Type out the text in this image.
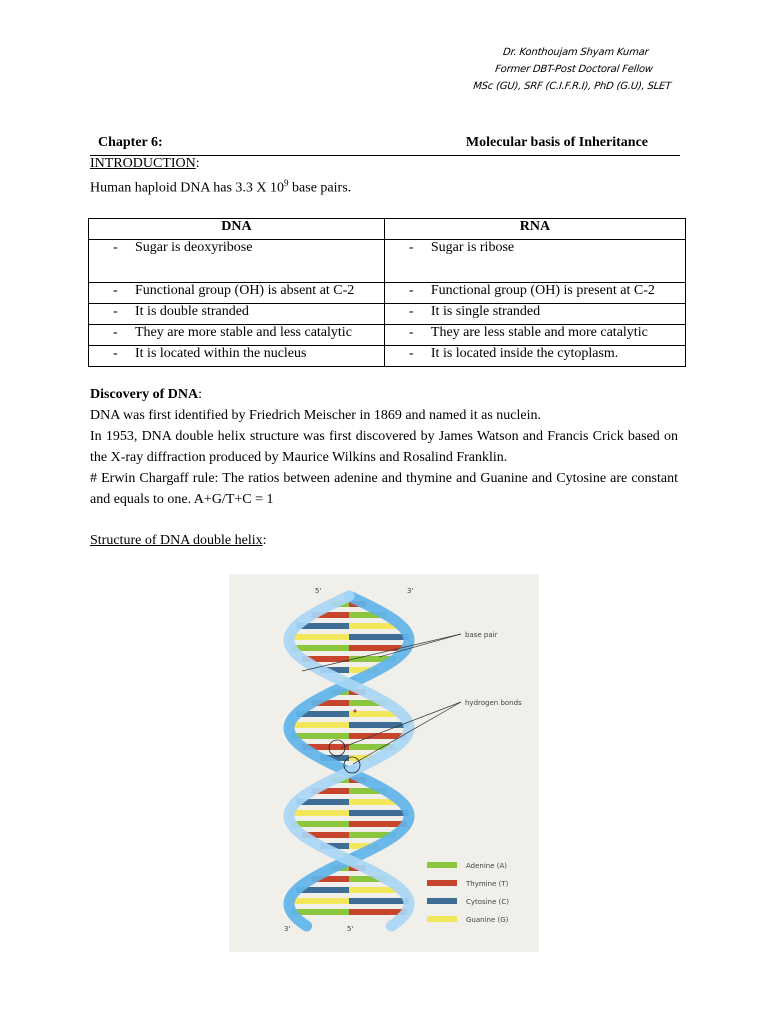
Dr. Konthoujam Shyam Kumar
Former DBT-Post Doctoral Fellow
MSc (GU), SRF (C.I.F.R.I), PhD (G.U), SLET
Chapter 6:	Molecular basis of Inheritance
INTRODUCTION:
Human haploid DNA has 3.3 X $10^9$ base pairs.
DNA	RNA
- Sugar is deoxyribose	- Sugar is ribose
- Functional group (OH) is absent at C-2	- Functional group (OH) is present at C-2
- It is double stranded	- It is single stranded
- They are more stable and less catalytic	- They are less stable and more catalytic
- It is located within the nucleus	- It is located inside the cytoplasm.
Discovery of DNA:
DNA was first identified by Friedrich Meischer in 1869 and named it as nuclein.
In 1953, DNA double helix structure was first discovered by James Watson and Francis Crick based on the X-ray diffraction produced by Maurice Wilkins and Rosalind Franklin.
# Erwin Chargaff rule: The ratios between adenine and thymine and Guanine and Cytosine are constant and equals to one. A+G/T+C = 1
Structure of DNA double helix:
base pair
hydrogen bonds
5'	3'
3'	5'
Adenine (A)
Thymine (T)
Cytosine (C)
Guanine (G)
